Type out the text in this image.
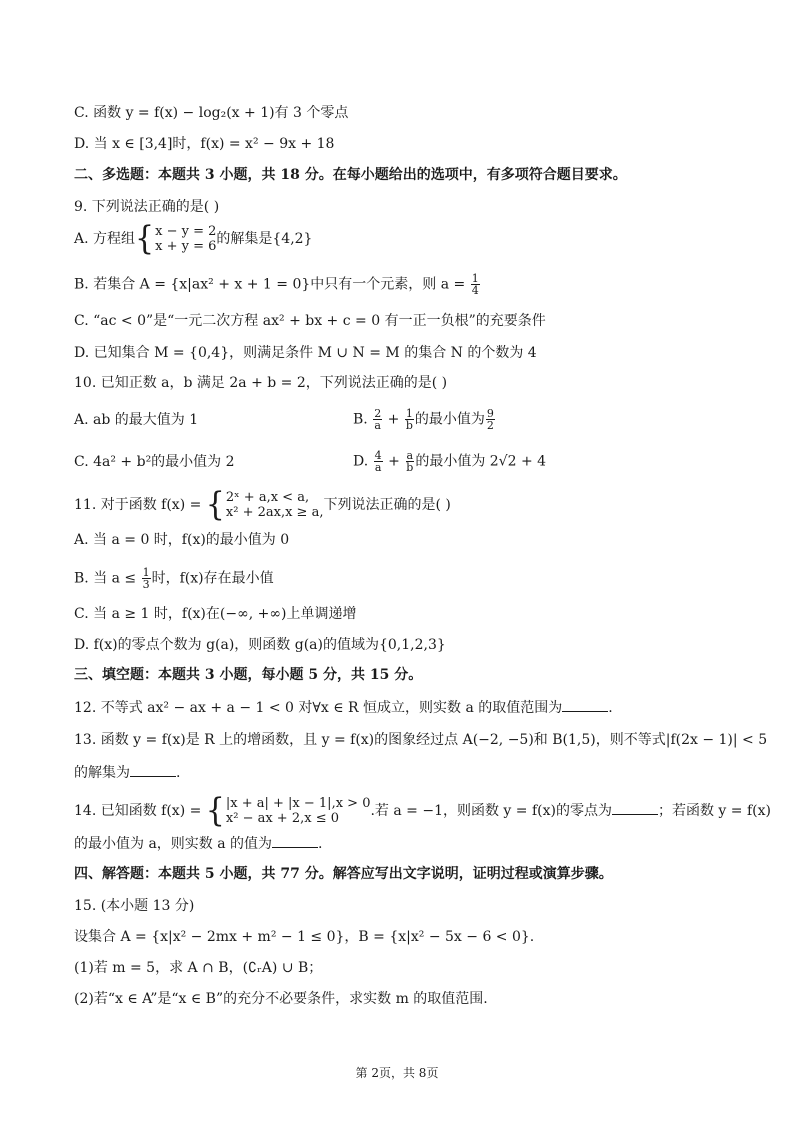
C. 函数 y = f(x) − log₂(x + 1)有 3 个零点
D. 当 x ∈ [3,4]时，f(x) = x² − 9x + 18
二、多选题：本题共 3 小题，共 18 分。在每小题给出的选项中，有多项符合题目要求。
9. 下列说法正确的是( )
A. 方程组 { x − y = 2
x + y = 6 的解集是{4,2}
B. 若集合 A = {x|ax² + x + 1 = 0}中只有一个元素，则 $a = \frac{1}{4}$
C. “ac < 0”是“一元二次方程 ax² + bx + c = 0 有一正一负根”的充要条件
D. 已知集合 M = {0,4}，则满足条件 M ∪ N = M 的集合 N 的个数为 4
10. 已知正数 a，b 满足 2a + b = 2，下列说法正确的是( )
A. ab 的最大值为 1	B. $\frac{2}{a} + \frac{1}{b}$ 的最小值为 $\frac{9}{2}$
C. 4a² + b²的最小值为 2	D. $\frac{4}{a} + \frac{a}{b}$ 的最小值为 2√2 + 4
11. 对于函数 f(x) = { 2ˣ + a,x < a,
x² + 2ax,x ≥ a, 下列说法正确的是( )
A. 当 a = 0 时，f(x)的最小值为 0
B. 当 $a \le \frac{1}{3}$ 时，f(x)存在最小值
C. 当 a ≥ 1 时，f(x)在(−∞, +∞)上单调递增
D. f(x)的零点个数为 g(a)，则函数 g(a)的值域为{0,1,2,3}
三、填空题：本题共 3 小题，每小题 5 分，共 15 分。
12. 不等式 ax² − ax + a − 1 < 0 对∀x ∈ R 恒成立，则实数 a 的取值范围为	.
13. 函数 y = f(x)是 R 上的增函数，且 y = f(x)的图象经过点 A(−2, −5)和 B(1,5)，则不等式|f(2x − 1)| < 5
的解集为	.
14. 已知函数 f(x) = { |x + a| + |x − 1|,x > 0
x² − ax + 2,x ≤ 0	.若 a = −1，则函数 y = f(x)的零点为	；若函数 y = f(x)
的最小值为 a，则实数 a 的值为	.
四、解答题：本题共 5 小题，共 77 分。解答应写出文字说明，证明过程或演算步骤。
15. (本小题 13 分)
设集合 A = {x|x² − 2mx + m² − 1 ≤ 0}，B = {x|x² − 5x − 6 < 0}.
(1)若 m = 5，求 A ∩ B，(∁ᵣA) ∪ B；
(2)若“x ∈ A”是“x ∈ B”的充分不必要条件，求实数 m 的取值范围.
第 2页，共 8页
